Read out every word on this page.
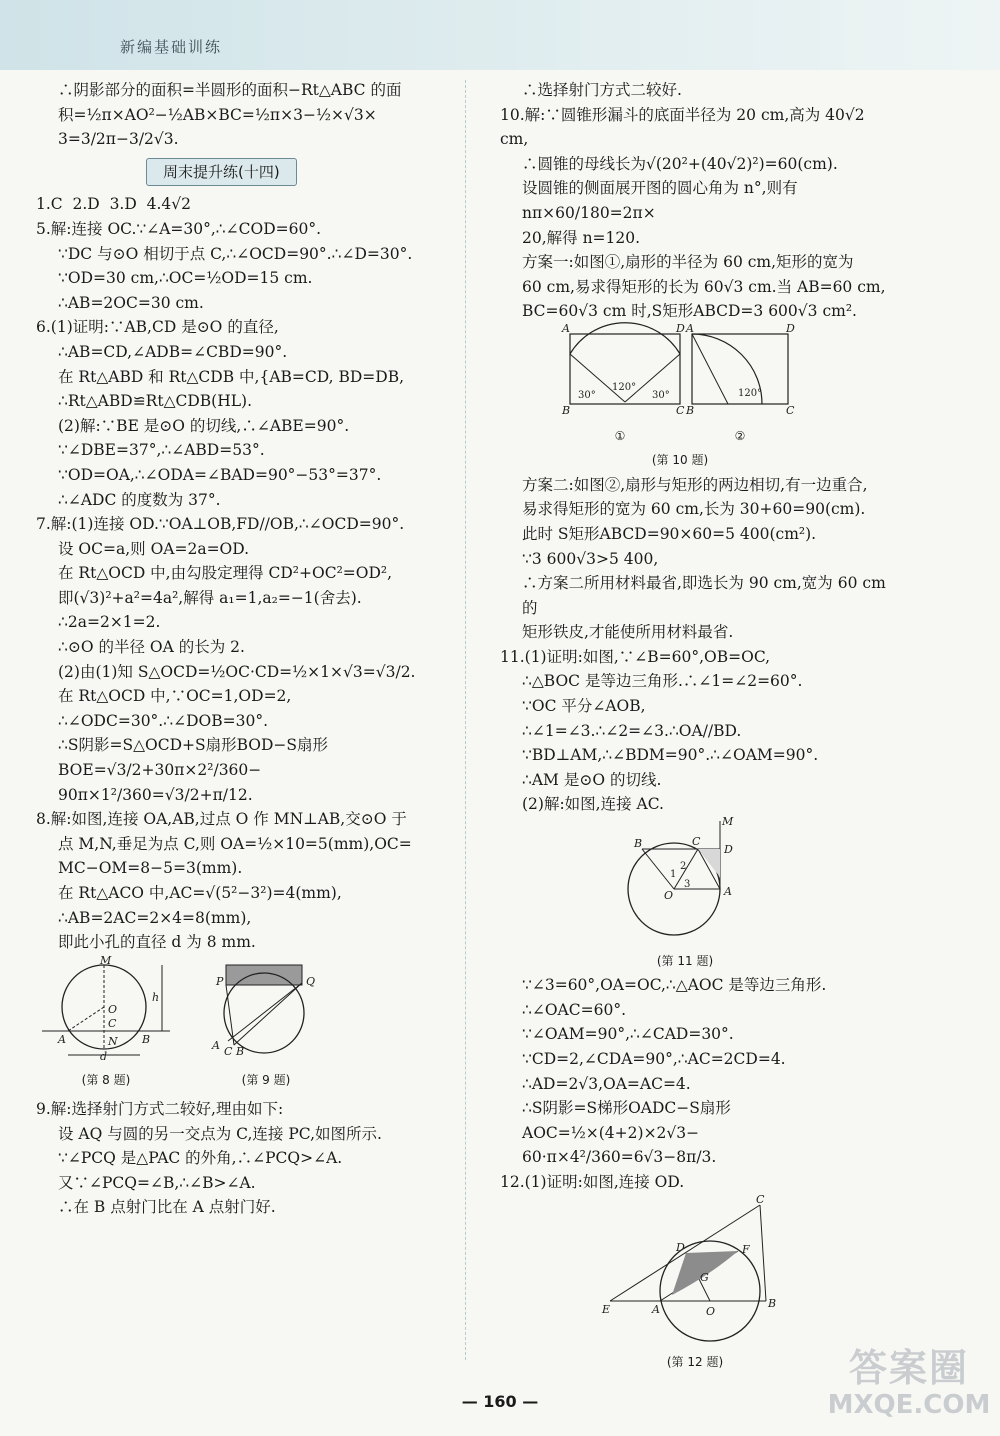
新编基础训练
∴阴影部分的面积=半圆形的面积−Rt△ABC 的面
积=½π×AO²−½AB×BC=½π×3−½×√3×
3=3/2π−3/2√3.
周末提升练(十四)
1.C  2.D  3.D  4.4√2
5.解:连接 OC.∵∠A=30°,∴∠COD=60°.
∵DC 与⊙O 相切于点 C,∴∠OCD=90°.∴∠D=30°.
∵OD=30 cm,∴OC=½OD=15 cm.
∴AB=2OC=30 cm.
6.(1)证明:∵AB,CD 是⊙O 的直径,
∴AB=CD,∠ADB=∠CBD=90°.
在 Rt△ABD 和 Rt△CDB 中,{AB=CD, BD=DB,
∴Rt△ABD≌Rt△CDB(HL).
(2)解:∵BE 是⊙O 的切线,∴∠ABE=90°.
∵∠DBE=37°,∴∠ABD=53°.
∵OD=OA,∴∠ODA=∠BAD=90°−53°=37°.
∴∠ADC 的度数为 37°.
7.解:(1)连接 OD.∵OA⊥OB,FD//OB,∴∠OCD=90°.
设 OC=a,则 OA=2a=OD.
在 Rt△OCD 中,由勾股定理得 CD²+OC²=OD²,
即(√3)²+a²=4a²,解得 a₁=1,a₂=−1(舍去).
∴2a=2×1=2.
∴⊙O 的半径 OA 的长为 2.
(2)由(1)知 S△OCD=½OC·CD=½×1×√3=√3/2.
在 Rt△OCD 中,∵OC=1,OD=2,
∴∠ODC=30°.∴∠DOB=30°.
∴S阴影=S△OCD+S扇形BOD−S扇形BOE=√3/2+30π×2²/360−
90π×1²/360=√3/2+π/12.
8.解:如图,连接 OA,AB,过点 O 作 MN⊥AB,交⊙O 于
点 M,N,垂足为点 C,则 OA=½×10=5(mm),OC=
MC−OM=8−5=3(mm).
在 Rt△ACO 中,AC=√(5²−3²)=4(mm),
∴AB=2AC=2×4=8(mm),
即此小孔的直径 d 为 8 mm.
M
O
C
N
A	B
h
d
(第 8 题)
P	Q
A C B
(第 9 题)
9.解:选择射门方式二较好,理由如下:
设 AQ 与圆的另一交点为 C,连接 PC,如图所示.
∵∠PCQ 是△PAC 的外角,∴∠PCQ>∠A.
又∵∠PCQ=∠B,∴∠B>∠A.
∴在 B 点射门比在 A 点射门好.
∴选择射门方式二较好.
10.解:∵圆锥形漏斗的底面半径为 20 cm,高为 40√2 cm,
∴圆锥的母线长为√(20²+(40√2)²)=60(cm).
设圆锥的侧面展开图的圆心角为 n°,则有 nπ×60/180=2π×
20,解得 n=120.
方案一:如图①,扇形的半径为 60 cm,矩形的宽为
60 cm,易求得矩形的长为 60√3 cm.当 AB=60 cm,
BC=60√3 cm 时,S矩形ABCD=3 600√3 cm².
120°
30°	30°
A	D
B	C
120°
A	D
B	C
①	②
(第 10 题)
方案二:如图②,扇形与矩形的两边相切,有一边重合,
易求得矩形的宽为 60 cm,长为 30+60=90(cm).
此时 S矩形ABCD=90×60=5 400(cm²).
∵3 600√3>5 400,
∴方案二所用材料最省,即选长为 90 cm,宽为 60 cm 的
矩形铁皮,才能使所用材料最省.
11.(1)证明:如图,∵∠B=60°,OB=OC,
∴△BOC 是等边三角形.∴∠1=∠2=60°.
∵OC 平分∠AOB,
∴∠1=∠3.∴∠2=∠3.∴OA//BD.
∵BD⊥AM,∴∠BDM=90°.∴∠OAM=90°.
∴AM 是⊙O 的切线.
(2)解:如图,连接 AC.
M
B	C
D
A
O
1
2
3
(第 11 题)
∵∠3=60°,OA=OC,∴△AOC 是等边三角形.
∴∠OAC=60°.
∵∠OAM=90°,∴∠CAD=30°.
∵CD=2,∠CDA=90°,∴AC=2CD=4.
∴AD=2√3,OA=AC=4.
∴S阴影=S梯形OADC−S扇形AOC=½×(4+2)×2√3−
60·π×4²/360=6√3−8π/3.
12.(1)证明:如图,连接 OD.
C
D	F
G
E	A	O
B
(第 12 题)
— 160 —
答案圈
MXQE.COM
